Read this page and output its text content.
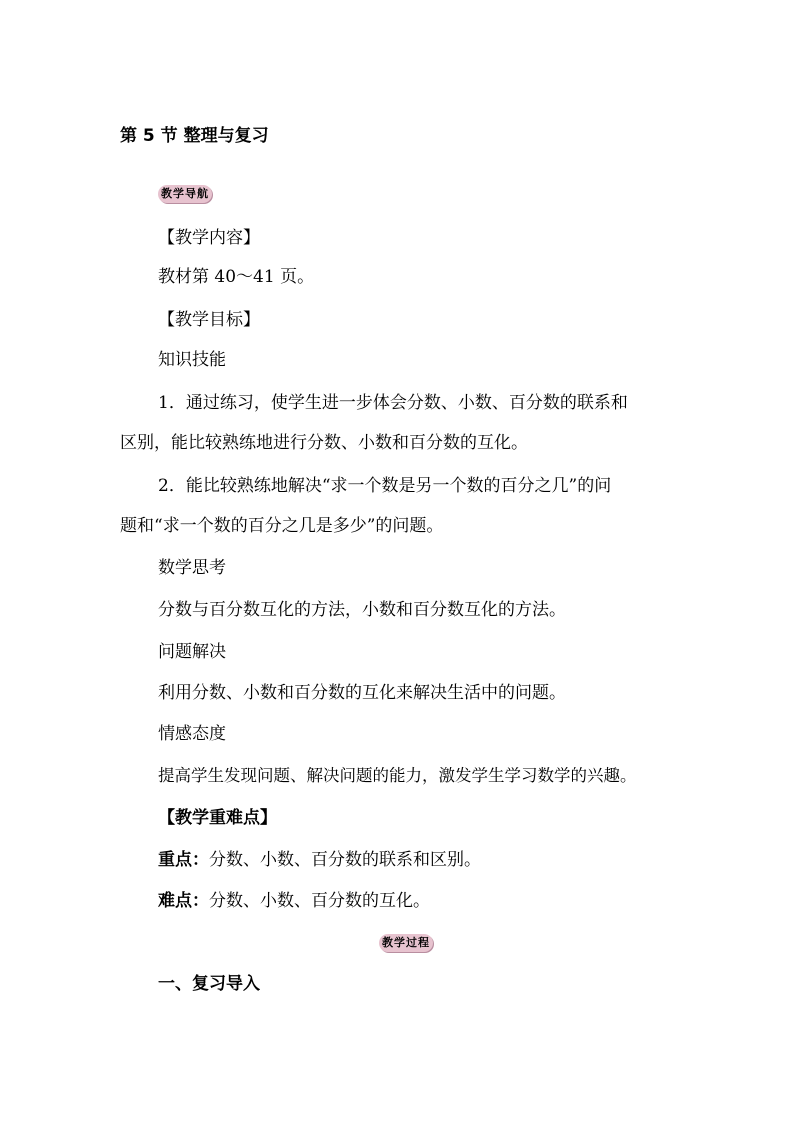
第 5 节 整理与复习
教学导航
【教学内容】
教材第 40～41 页。
【教学目标】
知识技能
1．通过练习，使学生进一步体会分数、小数、百分数的联系和
区别，能比较熟练地进行分数、小数和百分数的互化。
2．能比较熟练地解决“求一个数是另一个数的百分之几”的问
题和“求一个数的百分之几是多少”的问题。
数学思考
分数与百分数互化的方法，小数和百分数互化的方法。
问题解决
利用分数、小数和百分数的互化来解决生活中的问题。
情感态度
提高学生发现问题、解决问题的能力，激发学生学习数学的兴趣。
【教学重难点】
重点：分数、小数、百分数的联系和区别。
难点：分数、小数、百分数的互化。
教学过程
一、复习导入
